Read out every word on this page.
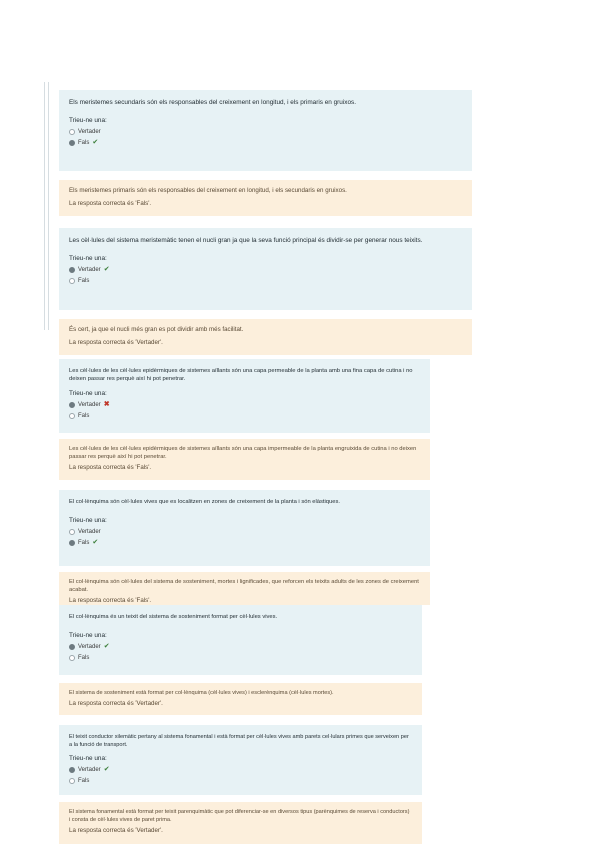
Els meristemes secundaris són els responsables del creixement en longitud, i els primaris en gruixos.
Trieu-ne una:
Vertader
Fals ✔
Els meristemes primaris són els responsables del creixement en longitud, i els secundaris en gruixos.
La resposta correcta és 'Fals'.
Les cèl·lules del sistema meristemàtic tenen el nucli gran ja que la seva funció principal és dividir-se per generar nous teixits.
Trieu-ne una:
Vertader ✔
Fals
És cert, ja que el nucli més gran es pot dividir amb més facilitat.
La resposta correcta és 'Vertader'.
Les cèl·lules de les cèl·lules epidèrmiques de sistemes aïllants són una capa permeable de la planta amb una fina capa de cutina i no deixen passar res perquè així hi pot penetrar.
Trieu-ne una:
Vertader ✖
Fals
Les cèl·lules de les cèl·lules epidèrmiques de sistemes aïllants són una capa impermeable de la planta engruixida de cutina i no deixen passar res perquè així hi pot penetrar.
La resposta correcta és 'Fals'.
El col·lènquima són cèl·lules vives que es localitzen en zones de creixement de la planta i són elàstiques.
Trieu-ne una:
Vertader
Fals ✔
El col·lènquima són cèl·lules del sistema de sosteniment, mortes i lignificades, que reforcen els teixits adults de les zones de creixement acabat.
La resposta correcta és 'Fals'.
El col·lènquima és un teixit del sistema de sosteniment format per cèl·lules vives.
Trieu-ne una:
Vertader ✔
Fals
El sistema de sosteniment està format per col·lènquima (cèl·lules vives) i esclerènquima (cèl·lules mortes).
La resposta correcta és 'Vertader'.
El teixit conductor xilemàtic pertany al sistema fonamental i està format per cèl·lules vives amb parets cel·lulars primes que serveixen per a la funció de transport.
Trieu-ne una:
Vertader ✔
Fals
El sistema fonamental està format per teixit parenquimàtic que pot diferenciar-se en diversos tipus (parènquimes de reserva i conductors) i consta de cèl·lules vives de paret prima.
La resposta correcta és 'Vertader'.
